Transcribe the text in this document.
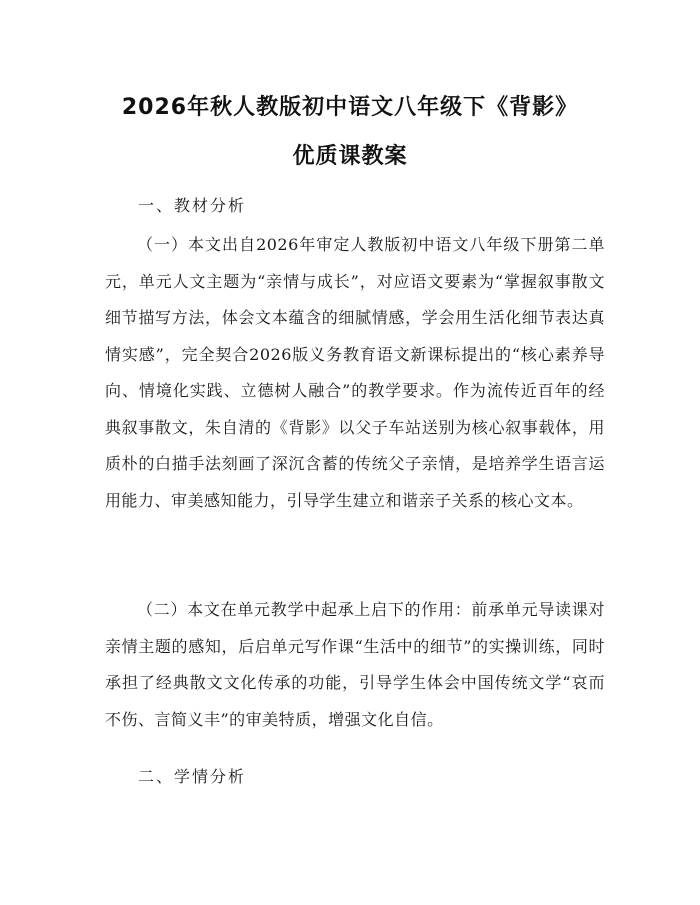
2026年秋人教版初中语文八年级下《背影》
优质课教案
一、教材分析

（一）本文出自2026年审定人教版初中语文八年级下册第二单元，单元人文主题为“亲情与成长”，对应语文要素为“掌握叙事散文细节描写方法，体会文本蕴含的细腻情感，学会用生活化细节表达真情实感”，完全契合2026版义务教育语文新课标提出的“核心素养导向、情境化实践、立德树人融合”的教学要求。作为流传近百年的经典叙事散文，朱自清的《背影》以父子车站送别为核心叙事载体，用质朴的白描手法刻画了深沉含蓄的传统父子亲情，是培养学生语言运用能力、审美感知能力，引导学生建立和谐亲子关系的核心文本。

（二）本文在单元教学中起承上启下的作用：前承单元导读课对亲情主题的感知，后启单元写作课“生活中的细节”的实操训练，同时承担了经典散文文化传承的功能，引导学生体会中国传统文学“哀而不伤、言简义丰”的审美特质，增强文化自信。

二、学情分析
